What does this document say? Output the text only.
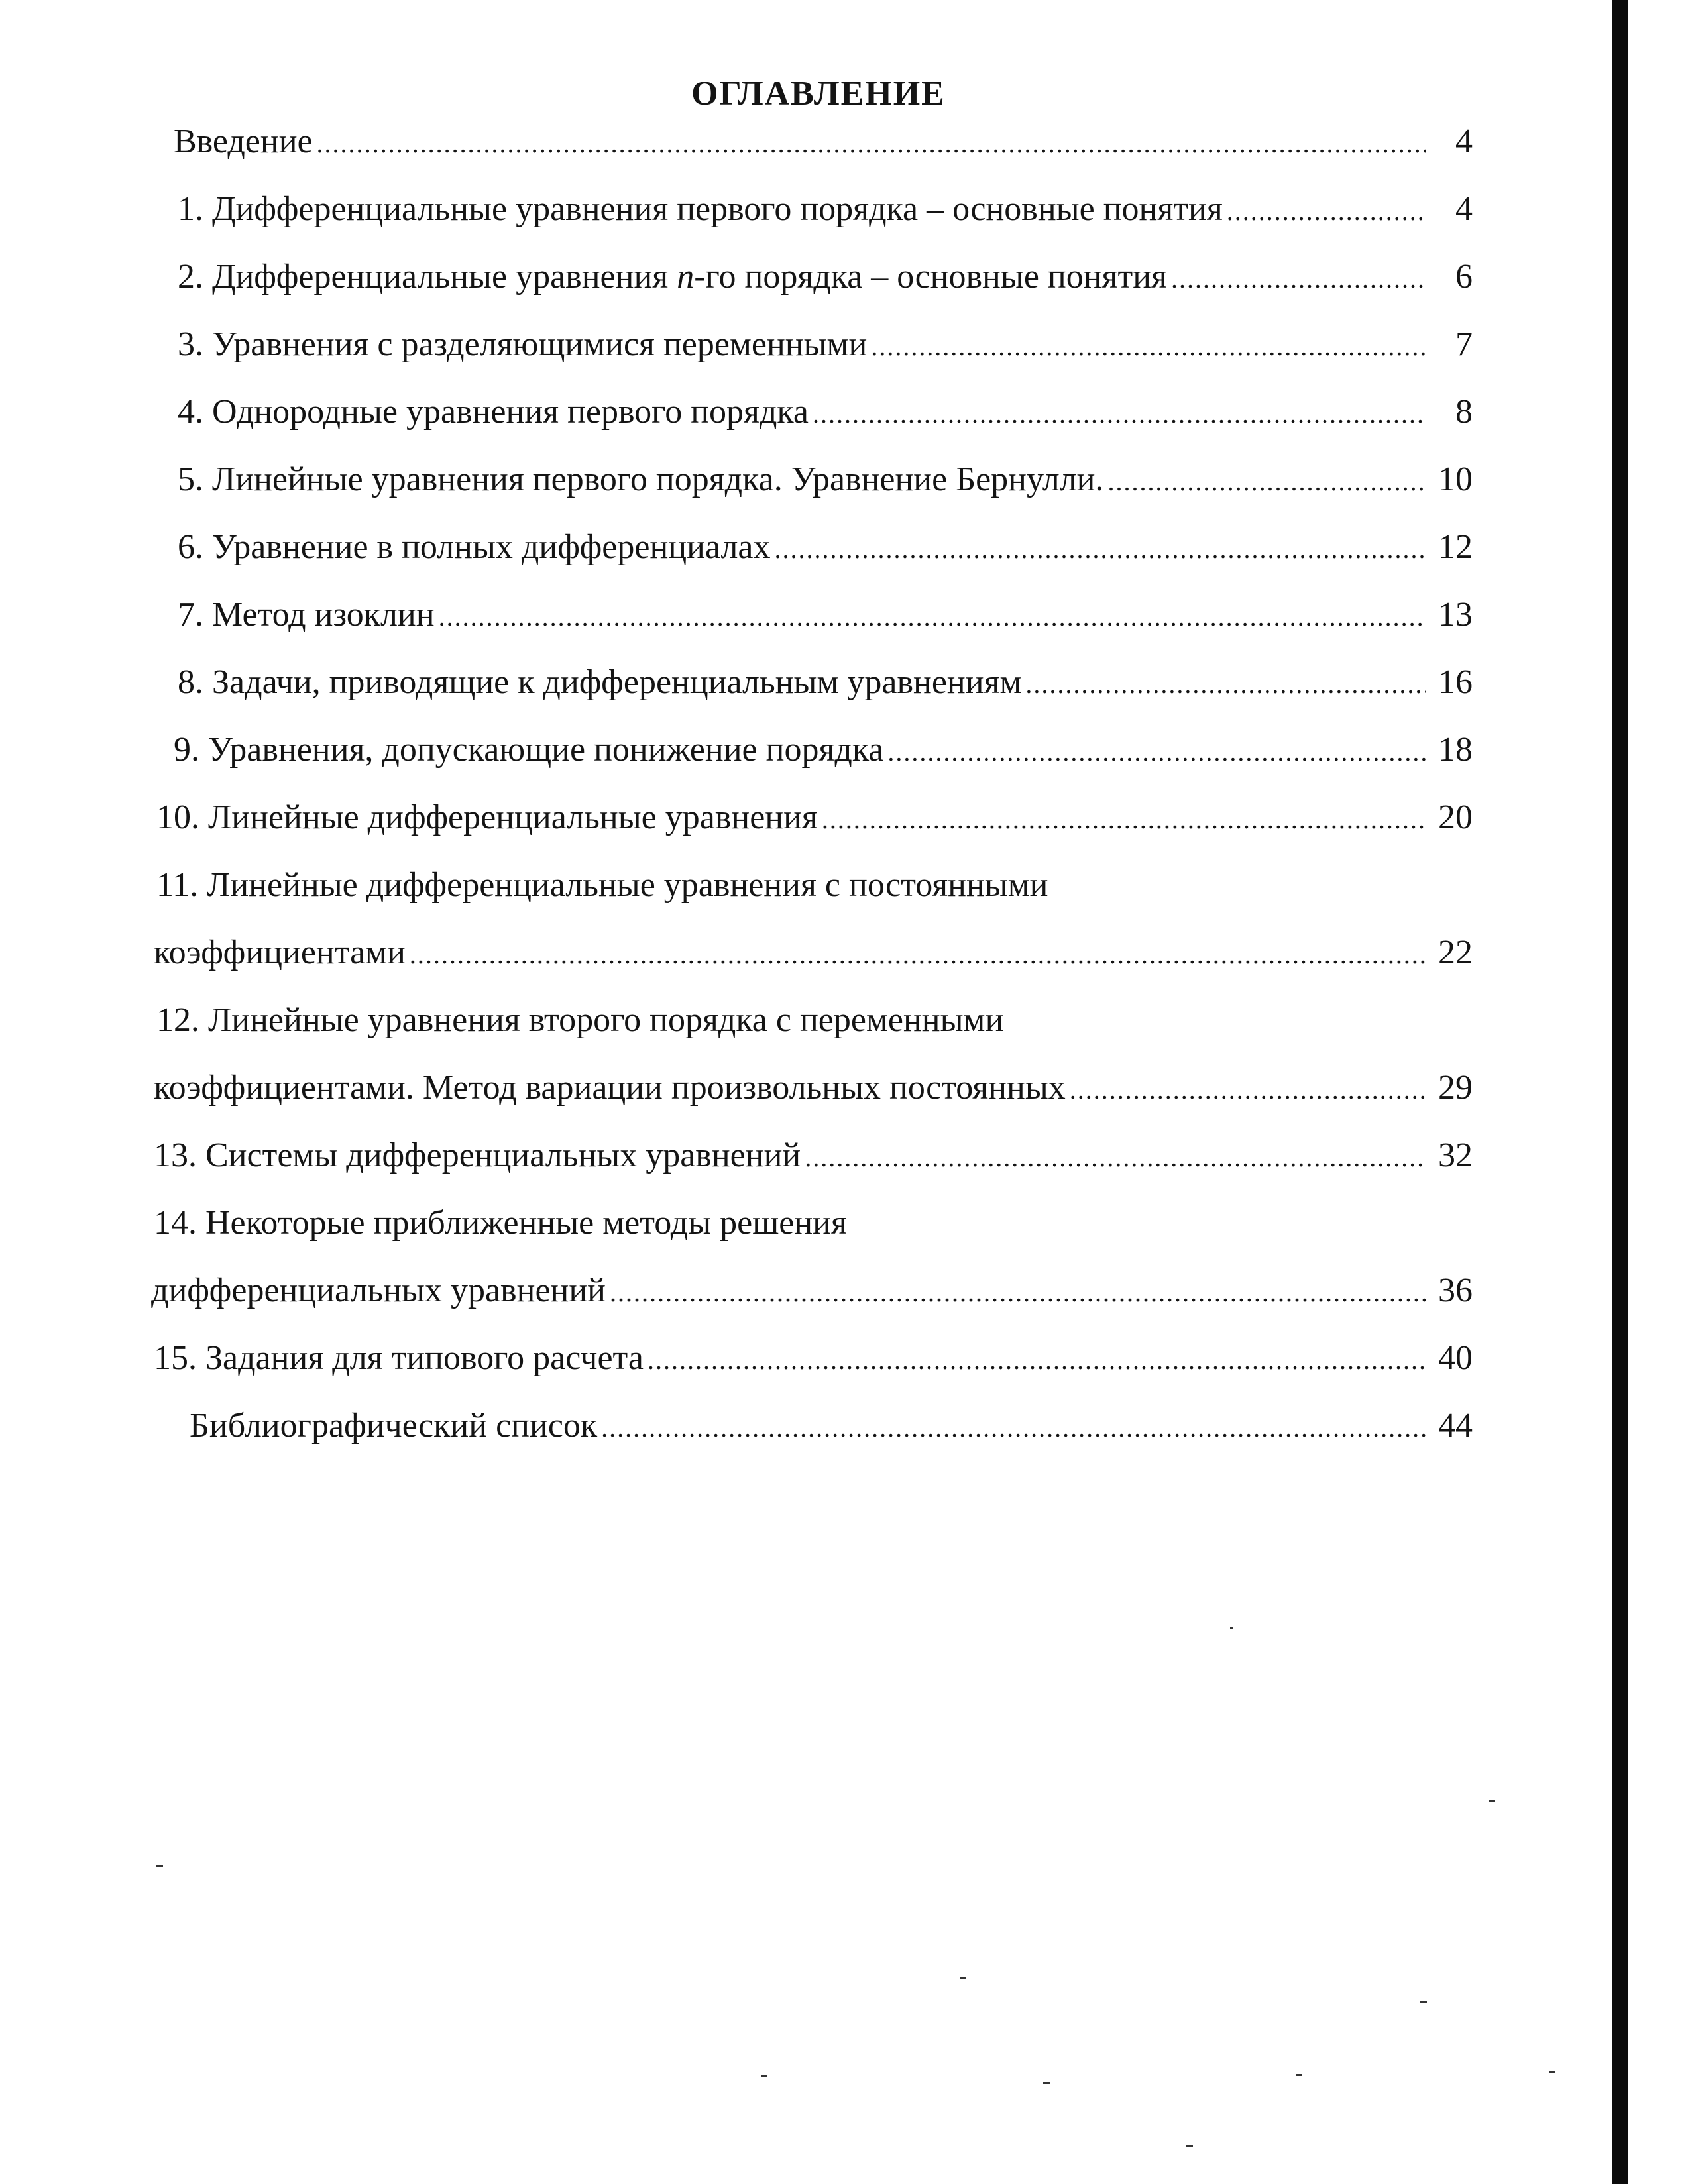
ОГЛАВЛЕНИЕ
Введение .....	4
1. Дифференциальные уравнения первого порядка – основные понятия .....	4
2. Дифференциальные уравнения n-го порядка – основные понятия .....	6
3. Уравнения с разделяющимися переменными .....	7
4. Однородные уравнения первого порядка .....	8
5. Линейные уравнения первого порядка. Уравнение Бернулли. .....	10
6. Уравнение в полных дифференциалах .....	12
7. Метод изоклин .....	13
8. Задачи, приводящие к дифференциальным уравнениям .....	16
9. Уравнения, допускающие понижение порядка .....	18
10. Линейные дифференциальные уравнения .....	20
11. Линейные дифференциальные уравнения с постоянными
коэффициентами .....	22
12. Линейные уравнения второго порядка с переменными
коэффициентами. Метод вариации произвольных постоянных .....	29
13. Системы дифференциальных уравнений .....	32
14. Некоторые приближенные методы решения
дифференциальных уравнений .....	36
15. Задания для типового расчета .....	40
Библиографический список .....	44
